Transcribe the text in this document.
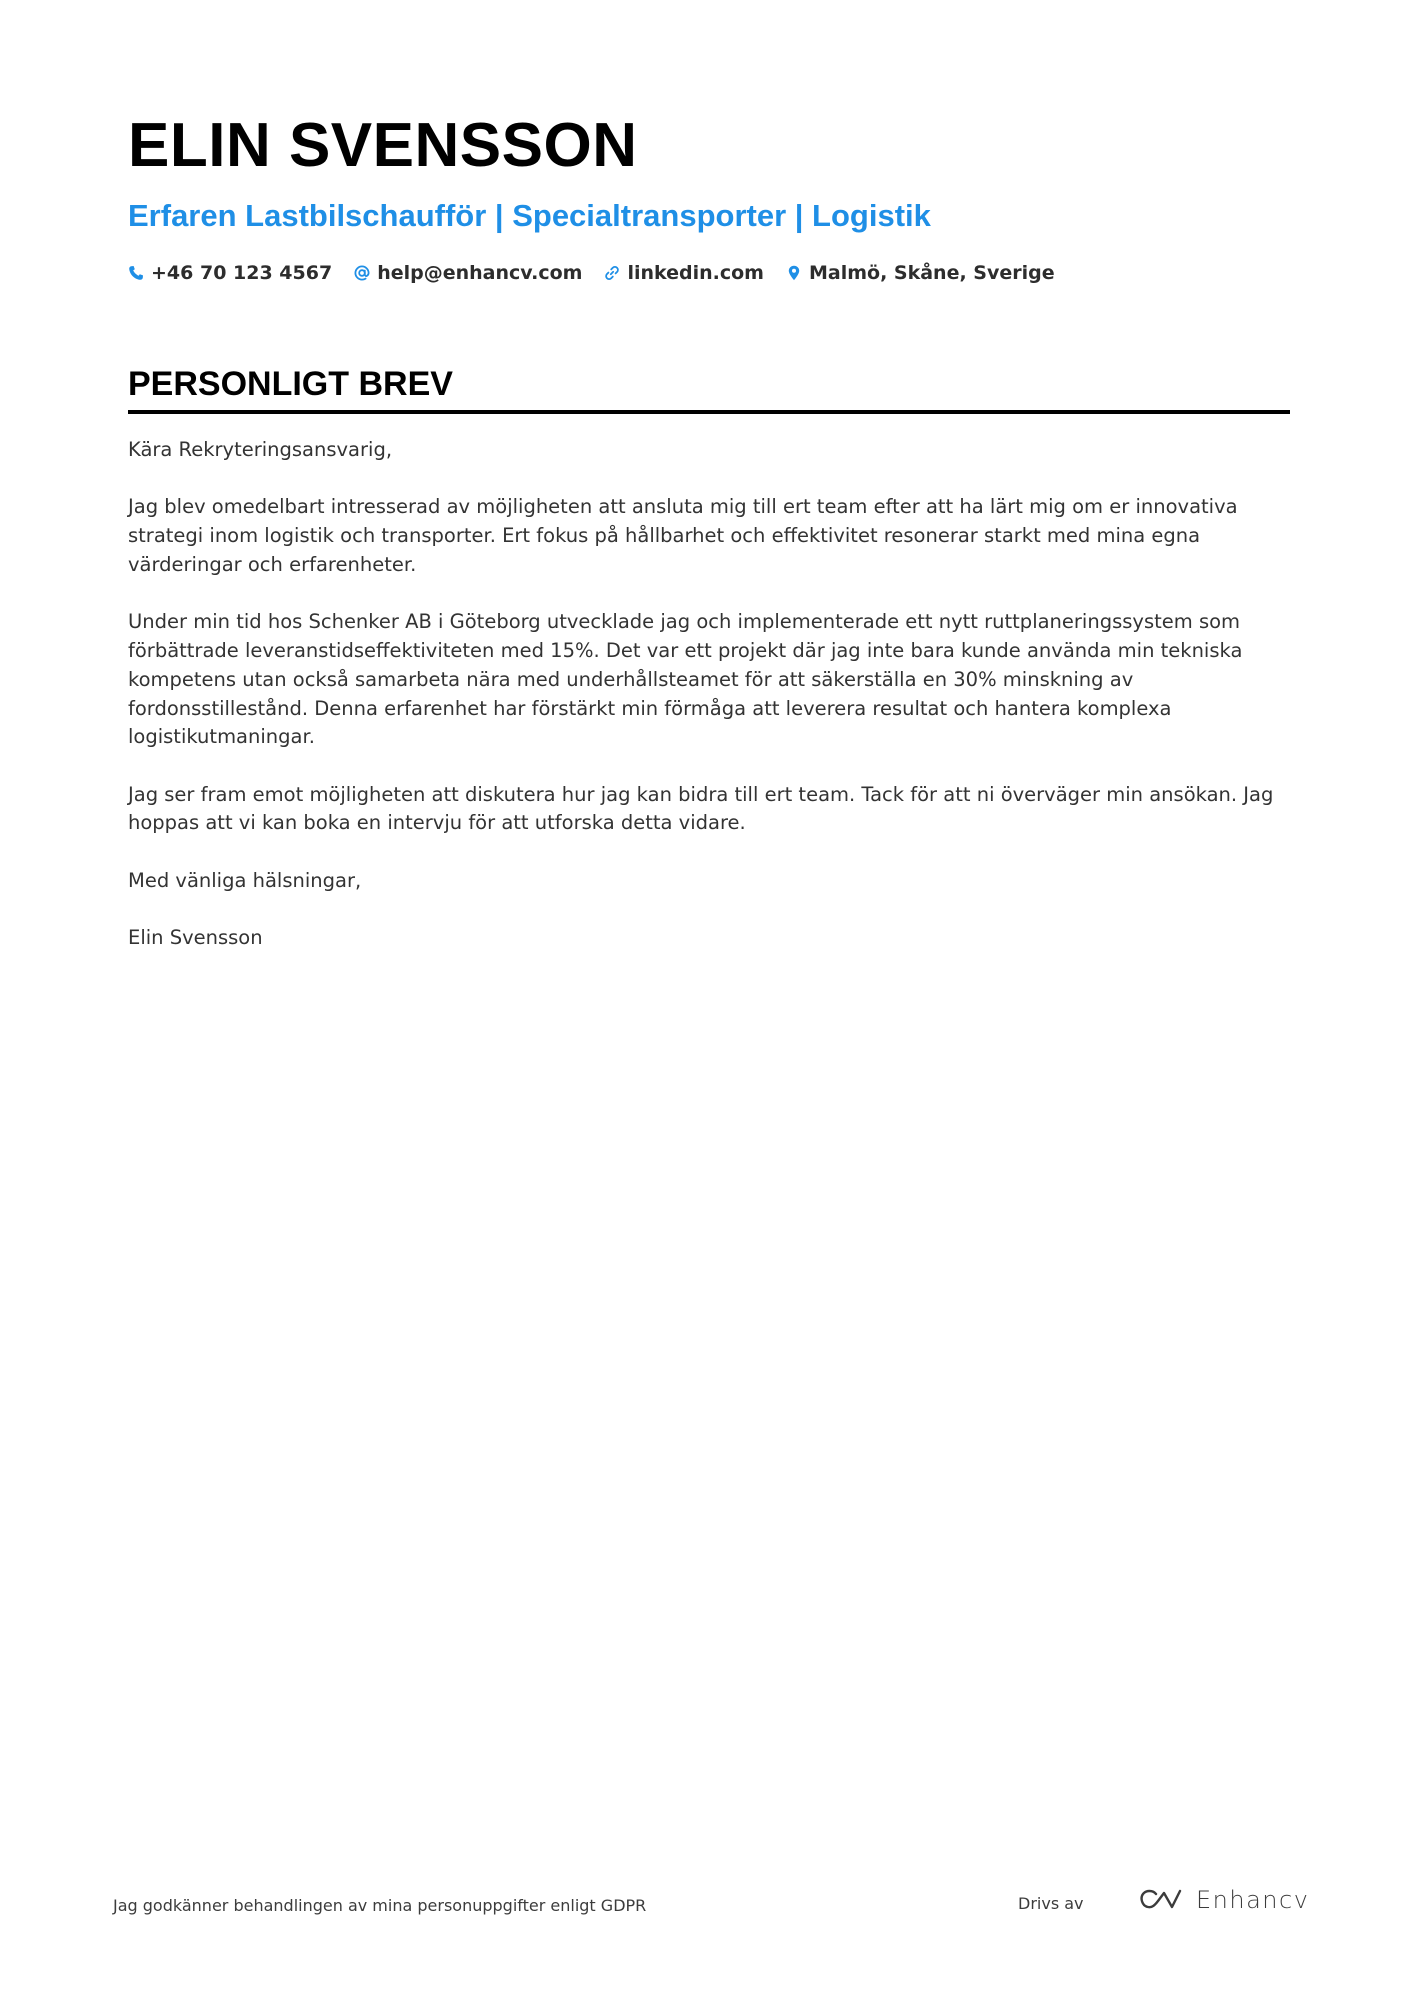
ELIN SVENSSON
Erfaren Lastbilschaufför | Specialtransporter | Logistik
+46 70 123 4567 help@enhancv.com linkedin.com Malmö, Skåne, Sverige
PERSONLIGT BREV

Kära Rekryteringsansvarig,

Jag blev omedelbart intresserad av möjligheten att ansluta mig till ert team efter att ha lärt mig om er innovativa strategi inom logistik och transporter. Ert fokus på hållbarhet och effektivitet resonerar starkt med mina egna värderingar och erfarenheter.

Under min tid hos Schenker AB i Göteborg utvecklade jag och implementerade ett nytt ruttplaneringssystem som förbättrade leveranstidseffektiviteten med 15%. Det var ett projekt där jag inte bara kunde använda min tekniska kompetens utan också samarbeta nära med underhållsteamet för att säkerställa en 30% minskning av fordonsstillestånd. Denna erfarenhet har förstärkt min förmåga att leverera resultat och hantera komplexa logistikutmaningar.

Jag ser fram emot möjligheten att diskutera hur jag kan bidra till ert team. Tack för att ni överväger min ansökan. Jag hoppas att vi kan boka en intervju för att utforska detta vidare.

Med vänliga hälsningar,

Elin Svensson

Jag godkänner behandlingen av mina personuppgifter enligt GDPR	Drivs av	Enhancv
